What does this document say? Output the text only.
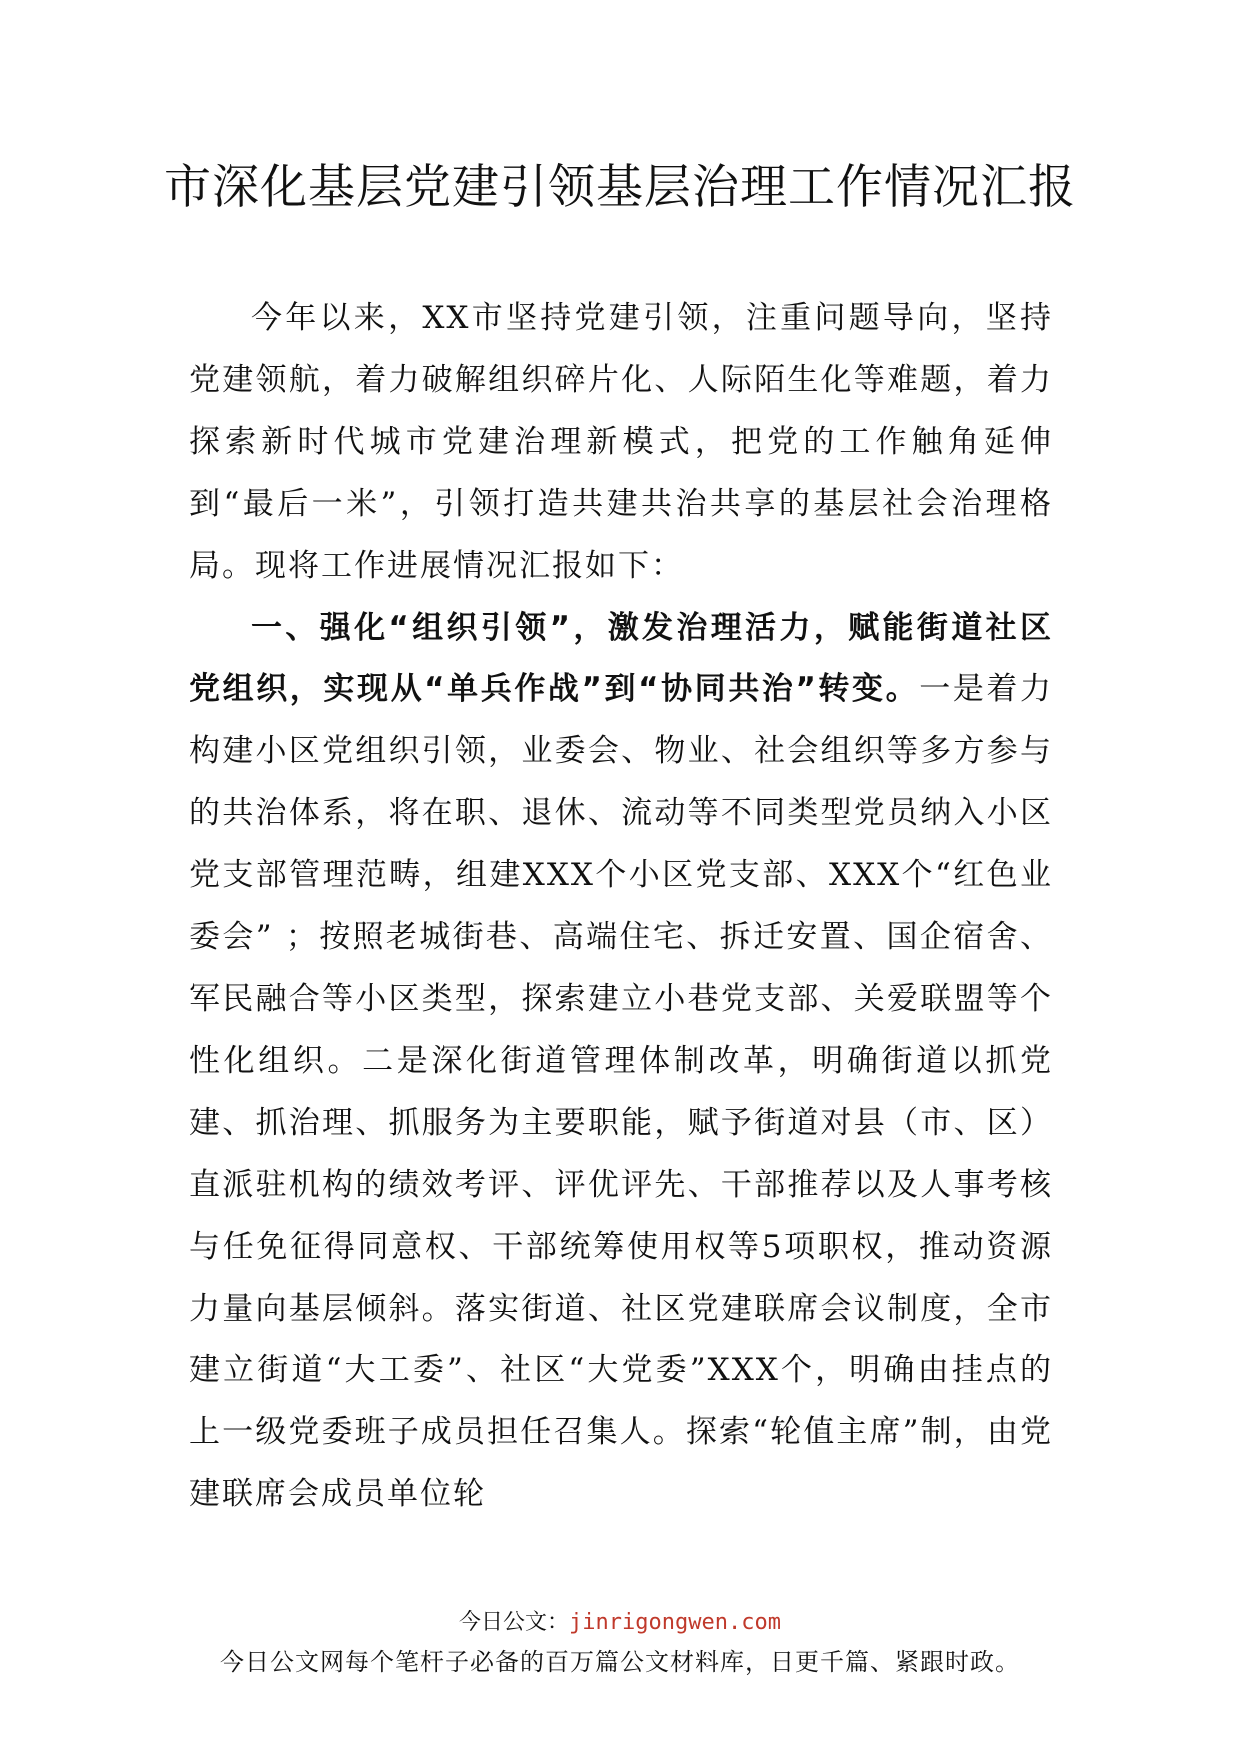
市深化基层党建引领基层治理工作情况汇报

今年以来，XX市坚持党建引领，注重问题导向，坚持党建领航，着力破解组织碎片化、人际陌生化等难题，着力探索新时代城市党建治理新模式，把党的工作触角延伸到“最后一米”，引领打造共建共治共享的基层社会治理格局。现将工作进展情况汇报如下：

一、强化“组织引领”，激发治理活力，赋能街道社区党组织，实现从“单兵作战”到“协同共治”转变。一是着力构建小区党组织引领，业委会、物业、社会组织等多方参与的共治体系，将在职、退休、流动等不同类型党员纳入小区党支部管理范畴，组建XXX个小区党支部、XXX个“红色业委会” ；按照老城街巷、高端住宅、拆迁安置、国企宿舍、军民融合等小区类型，探索建立小巷党支部、关爱联盟等个性化组织。二是深化街道管理体制改革，明确街道以抓党建、抓治理、抓服务为主要职能，赋予街道对县（市、区）直派驻机构的绩效考评、评优评先、干部推荐以及人事考核与任免征得同意权、干部统筹使用权等5项职权，推动资源力量向基层倾斜。落实街道、社区党建联席会议制度，全市建立街道“大工委”、社区“大党委”XXX个，明确由挂点的上一级党委班子成员担任召集人。探索“轮值主席”制，由党建联席会成员单位轮

今日公文：jinrigongwen.com

今日公文网每个笔杆子必备的百万篇公文材料库，日更千篇、紧跟时政。
